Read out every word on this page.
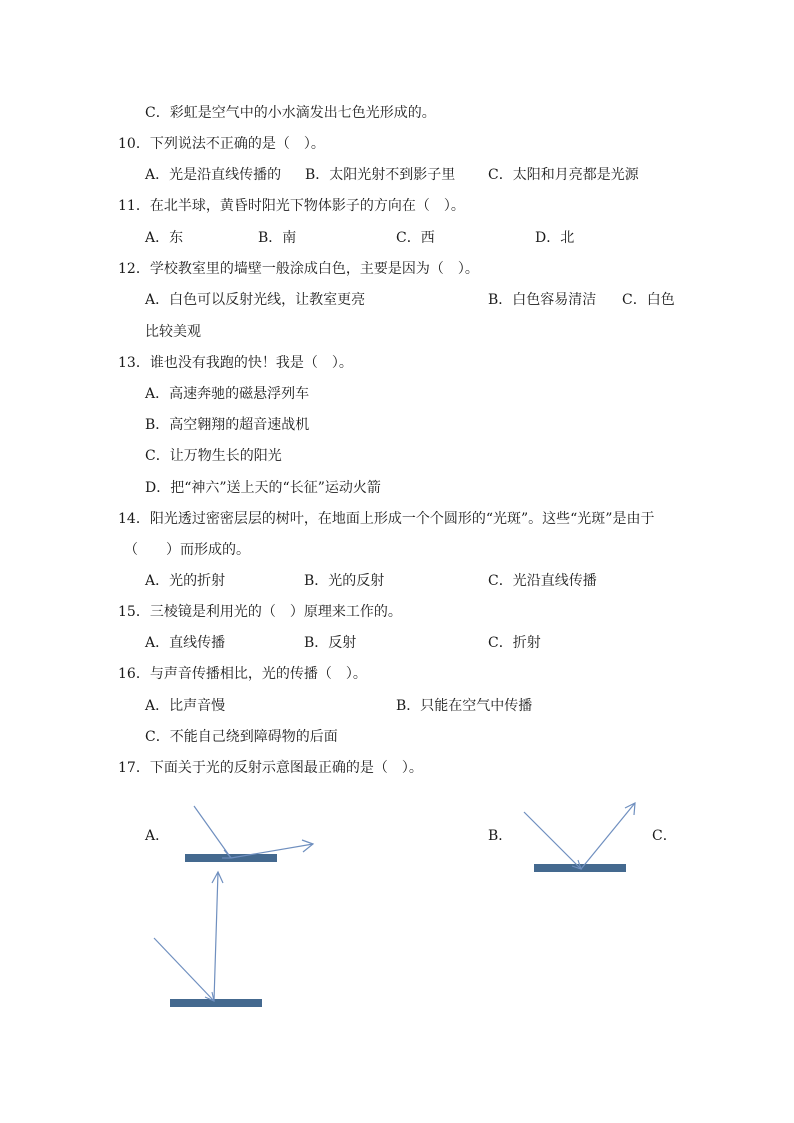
C．彩虹是空气中的小水滴发出七色光形成的。
10．下列说法不正确的是（　）。
A．光是沿直线传播的 B．太阳光射不到影子里 C．太阳和月亮都是光源
11．在北半球，黄昏时阳光下物体影子的方向在（　）。
A．东	B．南	C．西	D．北
12．学校教室里的墙壁一般涂成白色，主要是因为（　）。
A．白色可以反射光线，让教室更亮	B．白色容易清洁 C．白色
比较美观
13．谁也没有我跑的快！我是（　）。
A．高速奔驰的磁悬浮列车
B．高空翱翔的超音速战机
C．让万物生长的阳光
D．把“神六”送上天的“长征”运动火箭
14．阳光透过密密层层的树叶，在地面上形成一个个圆形的“光斑”。这些“光斑”是由于
（　　）而形成的。
A．光的折射	B．光的反射	C．光沿直线传播
15．三棱镜是利用光的（　）原理来工作的。
A．直线传播	B．反射	C．折射
16．与声音传播相比，光的传播（　）。
A．比声音慢	B．只能在空气中传播
C．不能自己绕到障碍物的后面
17．下面关于光的反射示意图最正确的是（　）。
A．	B．	C．
